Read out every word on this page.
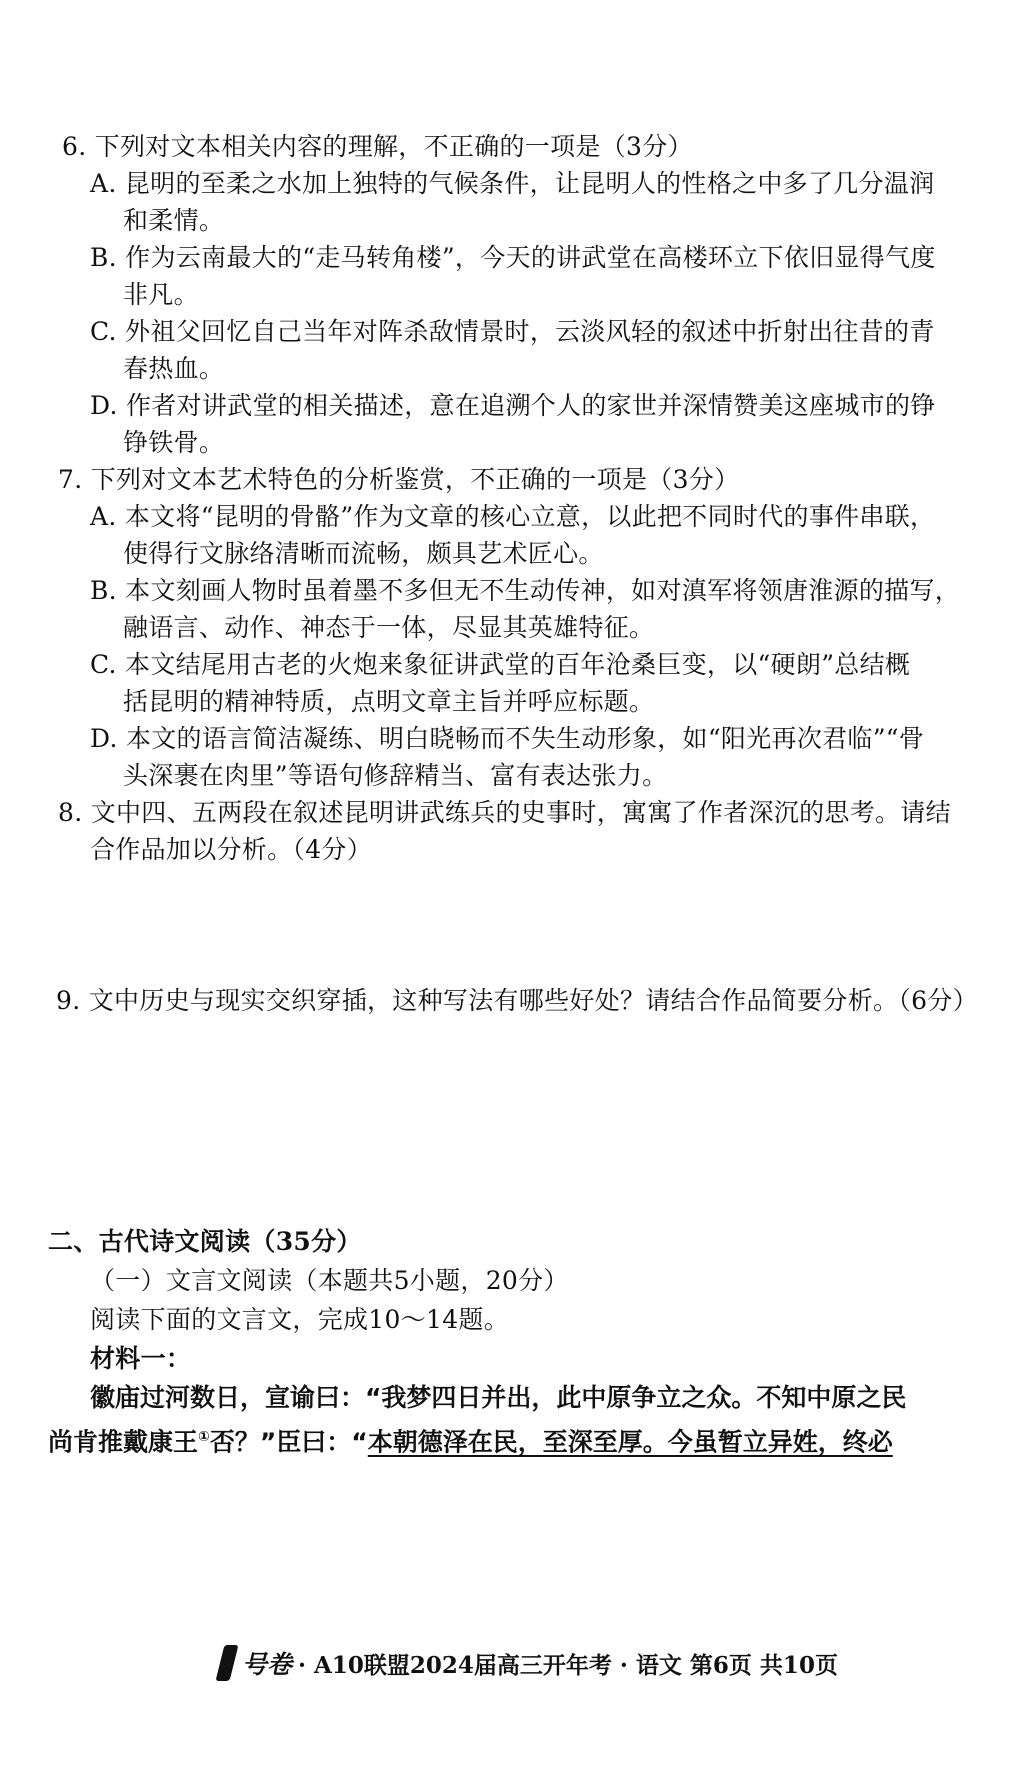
6. 下列对文本相关内容的理解，不正确的一项是（3分）
A. 昆明的至柔之水加上独特的气候条件，让昆明人的性格之中多了几分温润
和柔情。
B. 作为云南最大的“走马转角楼”，今天的讲武堂在高楼环立下依旧显得气度
非凡。
C. 外祖父回忆自己当年对阵杀敌情景时，云淡风轻的叙述中折射出往昔的青
春热血。
D. 作者对讲武堂的相关描述，意在追溯个人的家世并深情赞美这座城市的铮
铮铁骨。
7. 下列对文本艺术特色的分析鉴赏，不正确的一项是（3分）
A. 本文将“昆明的骨骼”作为文章的核心立意，以此把不同时代的事件串联，
使得行文脉络清晰而流畅，颇具艺术匠心。
B. 本文刻画人物时虽着墨不多但无不生动传神，如对滇军将领唐淮源的描写，
融语言、动作、神态于一体，尽显其英雄特征。
C. 本文结尾用古老的火炮来象征讲武堂的百年沧桑巨变，以“硬朗”总结概
括昆明的精神特质，点明文章主旨并呼应标题。
D. 本文的语言简洁凝练、明白晓畅而不失生动形象，如“阳光再次君临”“骨
头深裹在肉里”等语句修辞精当、富有表达张力。
8. 文中四、五两段在叙述昆明讲武练兵的史事时，寓寓了作者深沉的思考。请结
合作品加以分析。（4分）
9. 文中历史与现实交织穿插，这种写法有哪些好处？请结合作品简要分析。（6分）
二、古代诗文阅读（35分）
（一）文言文阅读（本题共5小题，20分）
阅读下面的文言文，完成10～14题。
材料一：
徽庙过河数日，宣谕曰：“我梦四日并出，此中原争立之众。不知中原之民
尚肯推戴康王①否？”臣曰：“本朝德泽在民，至深至厚。今虽暂立异姓，终必
号卷 · A10联盟2024届高三开年考 · 语文 第6页 共10页
